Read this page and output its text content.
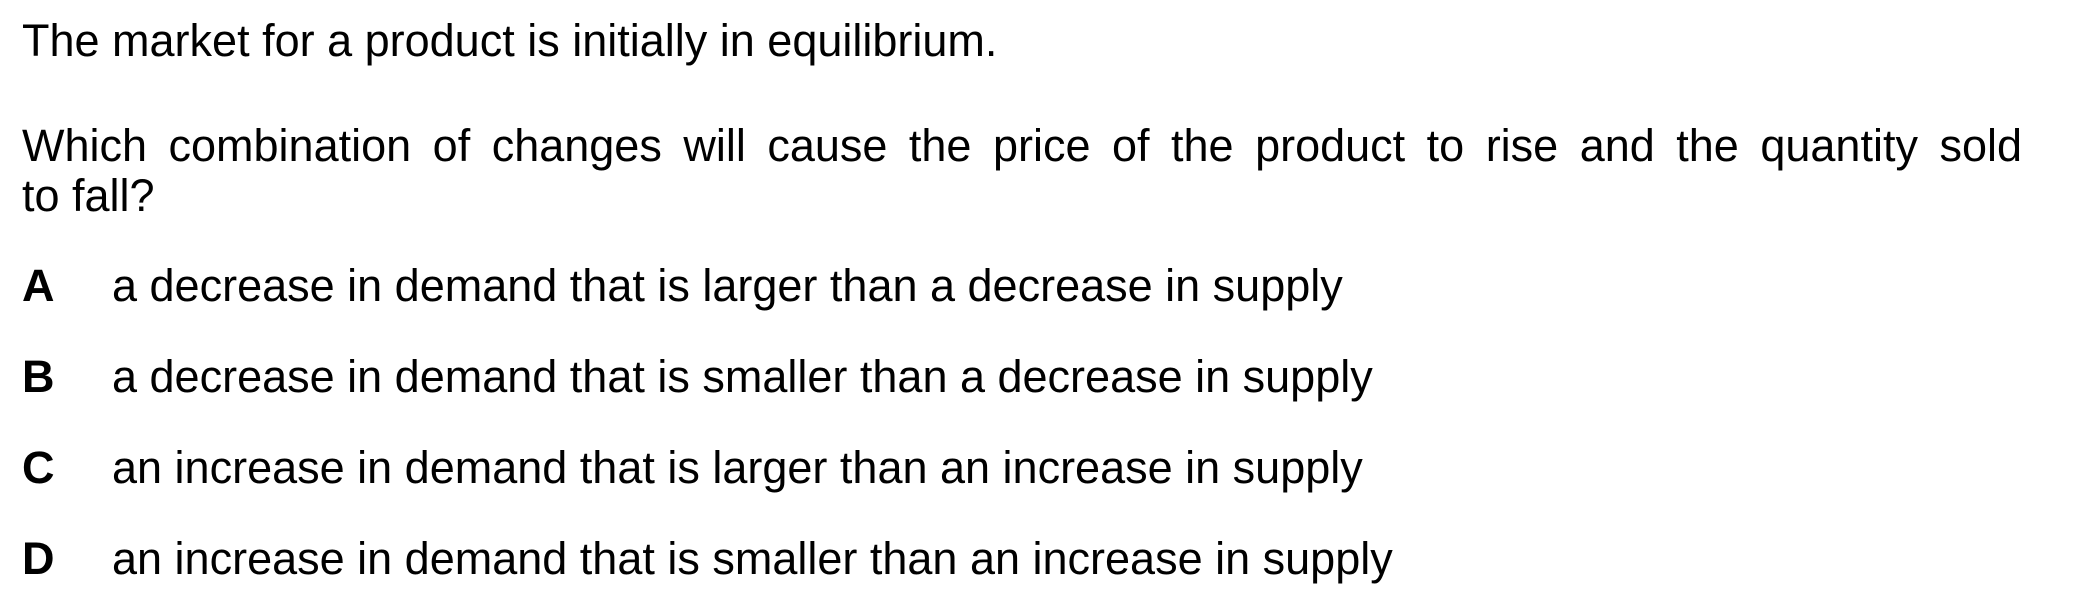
The market for a product is initially in equilibrium.

Which combination of changes will cause the price of the product to rise and the quantity sold
to fall?

A	a decrease in demand that is larger than a decrease in supply
B	a decrease in demand that is smaller than a decrease in supply
C	an increase in demand that is larger than an increase in supply
D	an increase in demand that is smaller than an increase in supply
